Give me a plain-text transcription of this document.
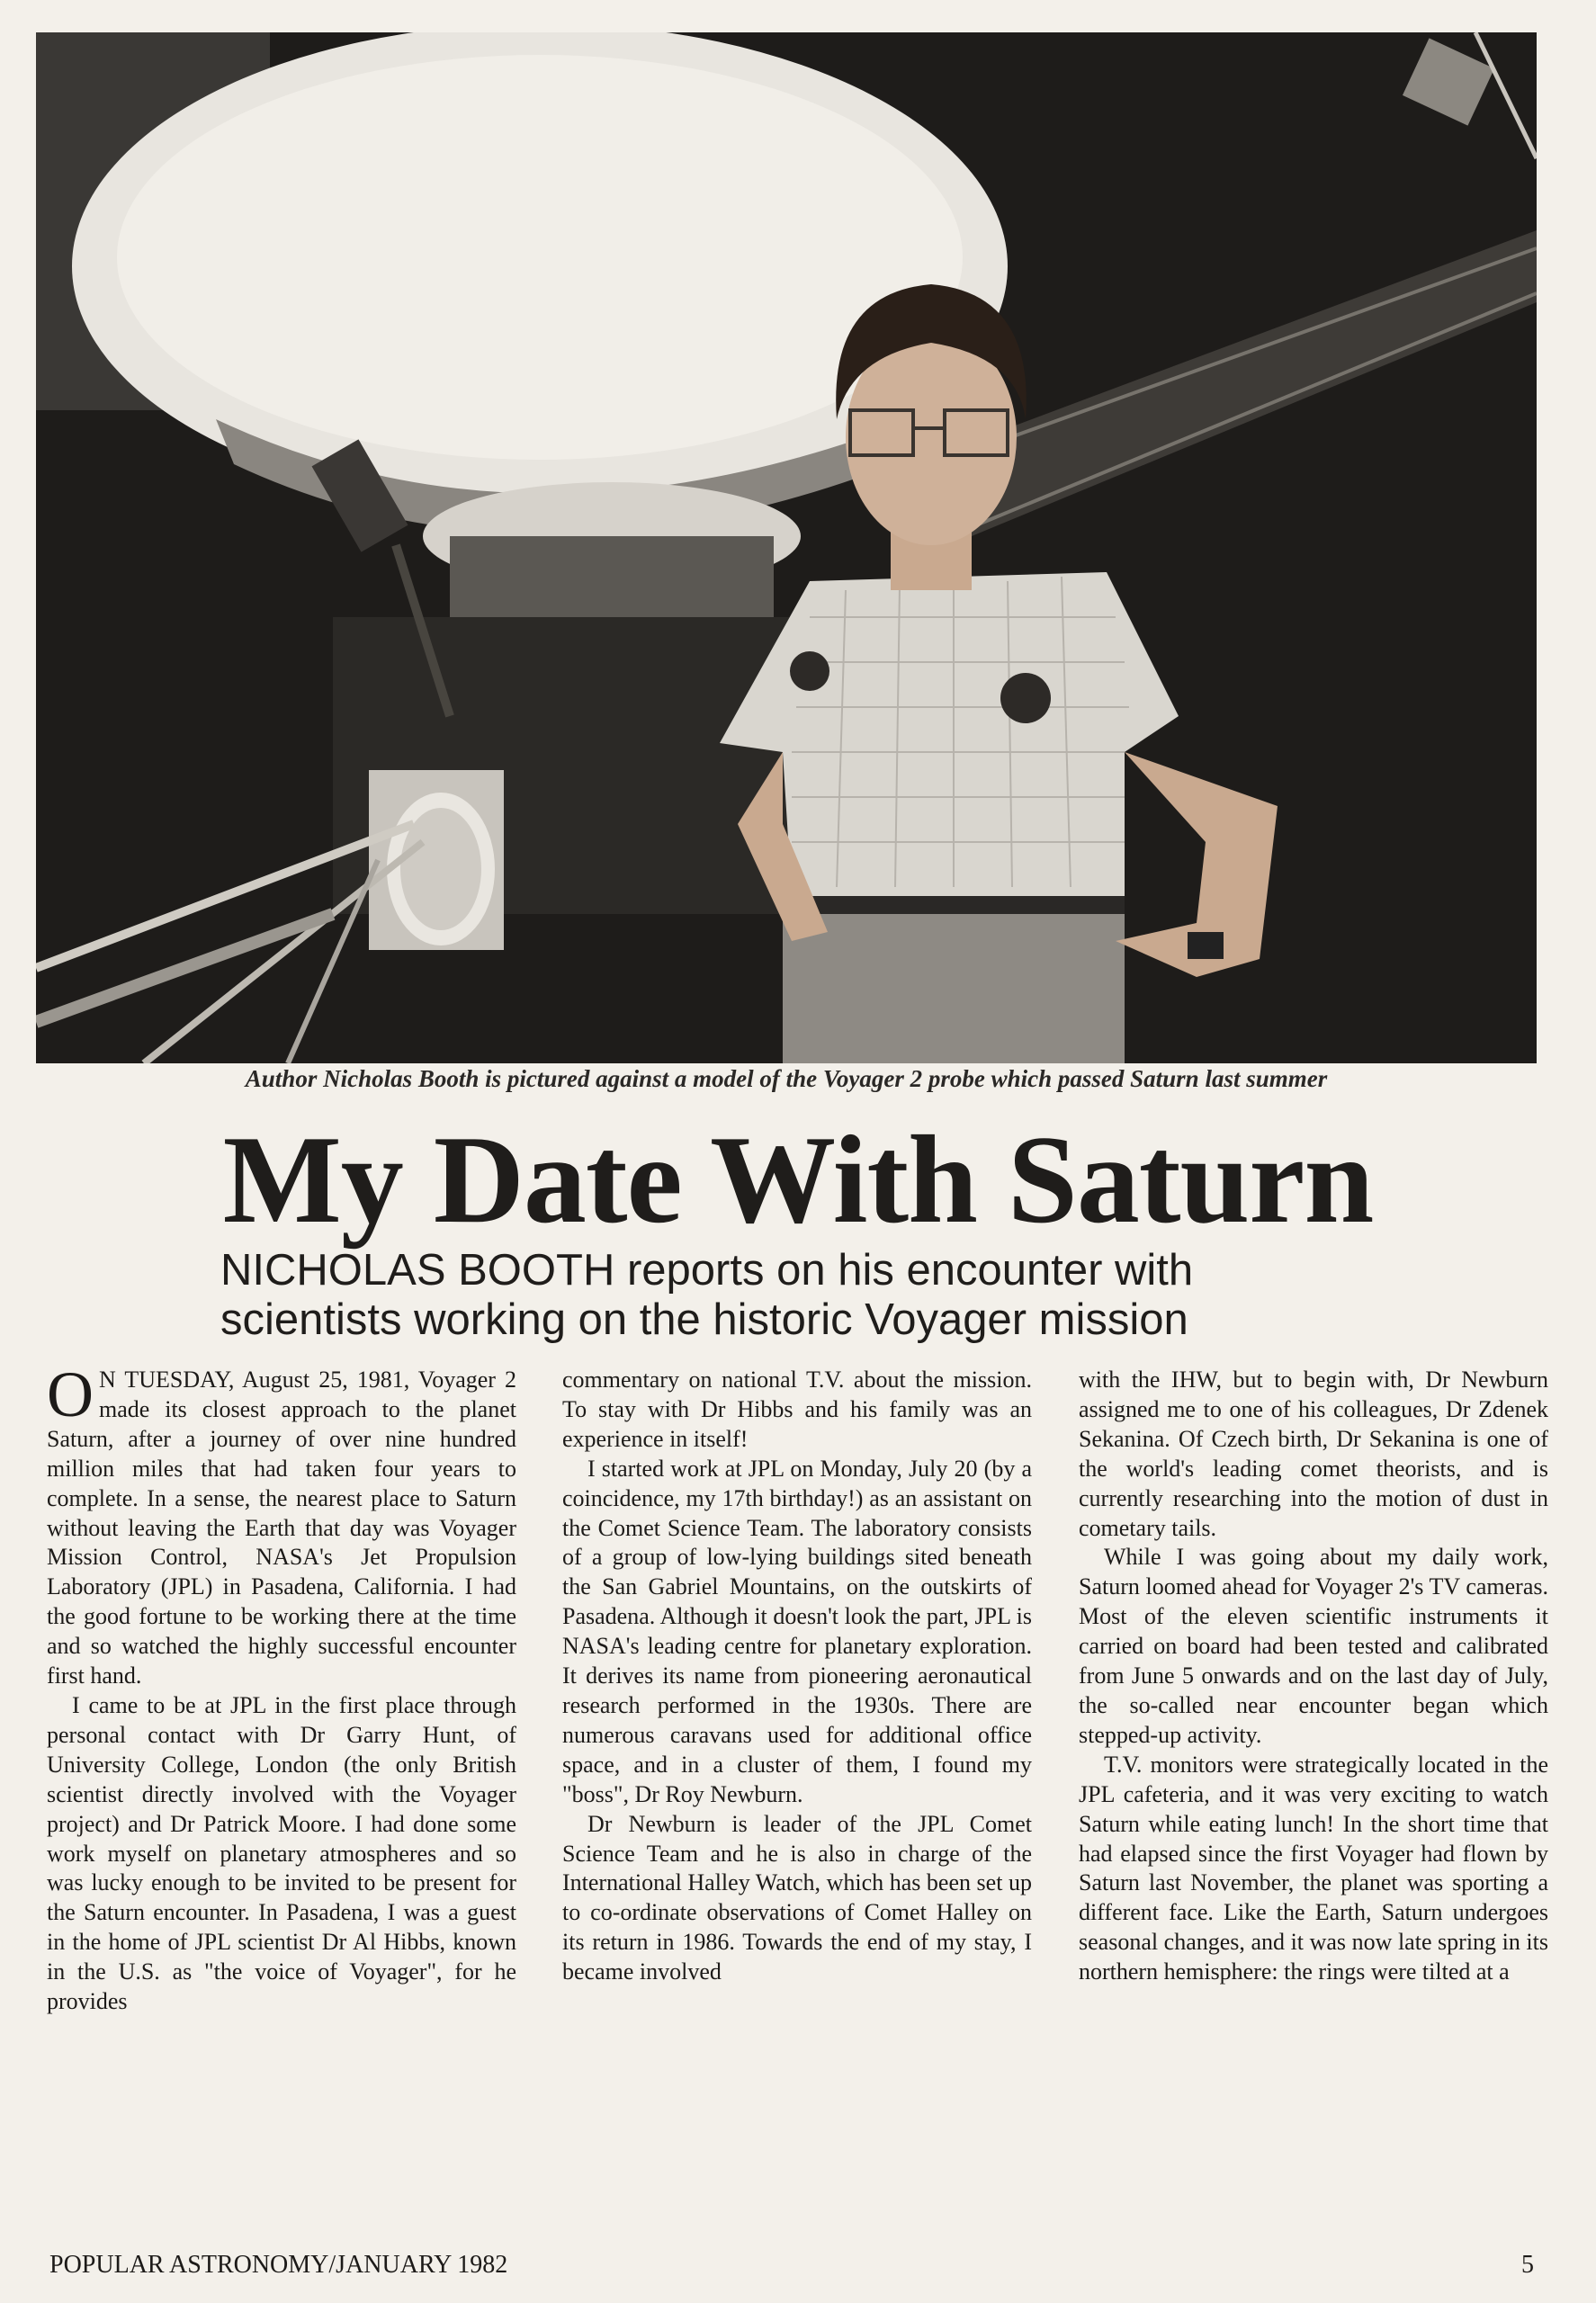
Author Nicholas Booth is pictured against a model of the Voyager 2 probe which passed Saturn last summer
My Date With Saturn
NICHOLAS BOOTH reports on his encounter with scientists working on the historic Voyager mission

O N TUESDAY, August 25, 1981, Voyager 2 made its closest approach to the planet Saturn, after a journey of over nine hundred million miles that had taken four years to complete. In a sense, the nearest place to Saturn without leaving the Earth that day was Voyager Mission Control, NASA's Jet Propulsion Laboratory (JPL) in Pasadena, California. I had the good fortune to be working there at the time and so watched the highly successful encounter first hand.

I came to be at JPL in the first place through personal contact with Dr Garry Hunt, of University College, London (the only British scientist directly involved with the Voyager project) and Dr Patrick Moore. I had done some work myself on planetary atmospheres and so was lucky enough to be invited to be present for the Saturn encounter. In Pasadena, I was a guest in the home of JPL scientist Dr Al Hibbs, known in the U.S. as "the voice of Voyager", for he provides

commentary on national T.V. about the mission. To stay with Dr Hibbs and his family was an experience in itself!

I started work at JPL on Monday, July 20 (by a coincidence, my 17th birthday!) as an assistant on the Comet Science Team. The laboratory consists of a group of low-lying buildings sited beneath the San Gabriel Mountains, on the outskirts of Pasadena. Although it doesn't look the part, JPL is NASA's leading centre for planetary exploration. It derives its name from pioneering aeronautical research performed in the 1930s. There are numerous caravans used for additional office space, and in a cluster of them, I found my "boss", Dr Roy Newburn.

Dr Newburn is leader of the JPL Comet Science Team and he is also in charge of the International Halley Watch, which has been set up to co-ordinate observations of Comet Halley on its return in 1986. Towards the end of my stay, I became involved

with the IHW, but to begin with, Dr Newburn assigned me to one of his colleagues, Dr Zdenek Sekanina. Of Czech birth, Dr Sekanina is one of the world's leading comet theorists, and is currently researching into the motion of dust in cometary tails.

While I was going about my daily work, Saturn loomed ahead for Voyager 2's TV cameras. Most of the eleven scientific instruments it carried on board had been tested and calibrated from June 5 onwards and on the last day of July, the so-called near encounter began which stepped-up activity.

T.V. monitors were strategically located in the JPL cafeteria, and it was very exciting to watch Saturn while eating lunch! In the short time that had elapsed since the first Voyager had flown by Saturn last November, the planet was sporting a different face. Like the Earth, Saturn undergoes seasonal changes, and it was now late spring in its northern hemisphere: the rings were tilted at a

POPULAR ASTRONOMY/JANUARY 1982	5
